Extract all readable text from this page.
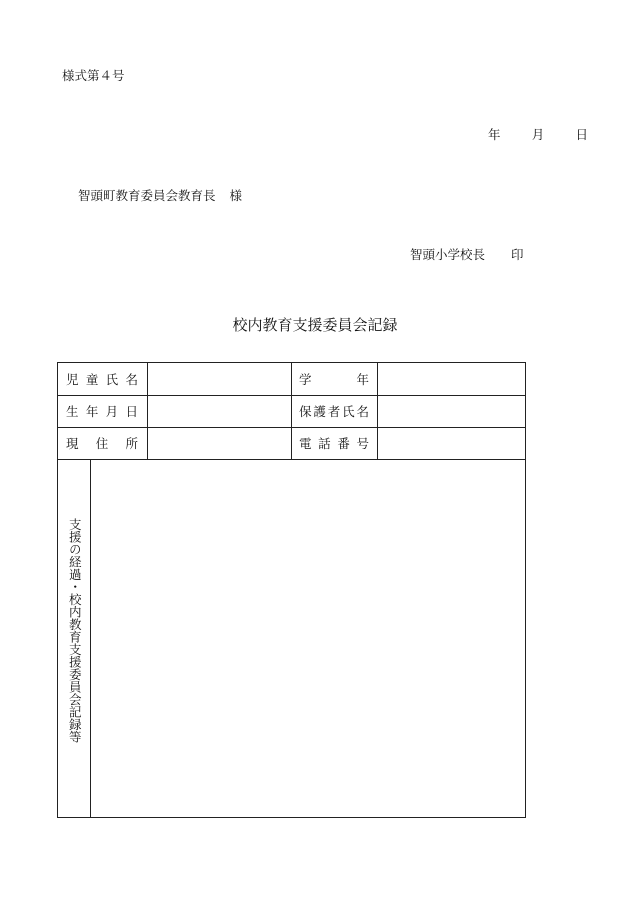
様式第４号
年 月 日
智頭町教育委員会教育長 様
智頭小学校長 印
校内教育支援委員会記録
児 童 氏 名	学	年
生 年 月 日	保 護 者 氏 名
現 住 所	電 話 番 号
支援の経過・校内教育支援委員会記録等
